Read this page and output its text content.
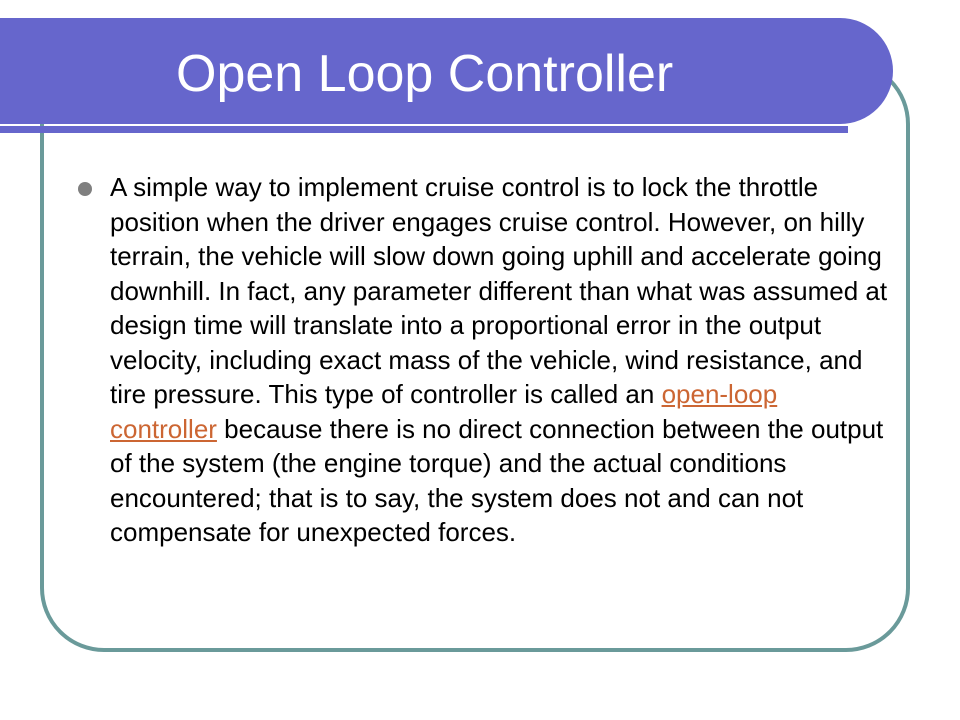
Open Loop Controller

A simple way to implement cruise control is to lock the throttle position when the driver engages cruise control. However, on hilly terrain, the vehicle will slow down going uphill and accelerate going downhill. In fact, any parameter different than what was assumed at design time will translate into a proportional error in the output velocity, including exact mass of the vehicle, wind resistance, and tire pressure. This type of controller is called an open-loop controller because there is no direct connection between the output of the system (the engine torque) and the actual conditions encountered; that is to say, the system does not and can not compensate for unexpected forces.
